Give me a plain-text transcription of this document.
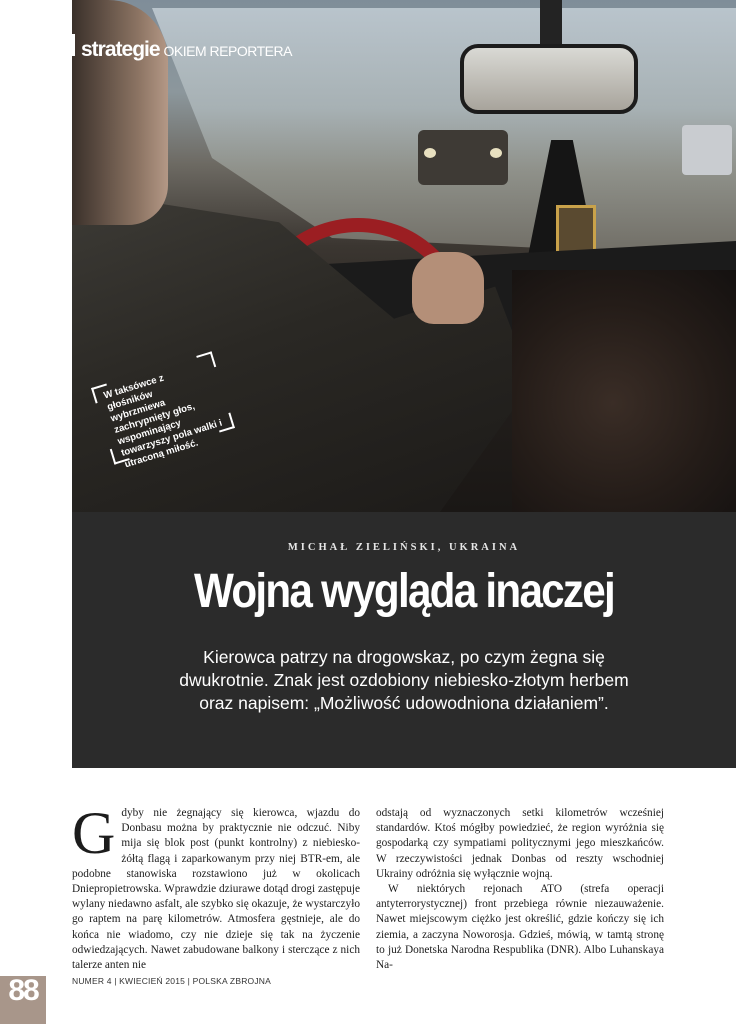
strategie OKIEM REPORTERA
W taksówce z głośników wybrzmiewa zachrypnięty głos, wspominający towarzyszy pola walki i utraconą miłość.
MICHAŁ ZIELIŃSKI, UKRAINA
Wojna wygląda inaczej
Kierowca patrzy na drogowskaz, po czym żegna się dwukrotnie. Znak jest ozdobiony niebiesko-złotym herbem oraz napisem: „Możliwość udowodniona działaniem”.
G dyby nie żegnający się kierowca, wjazdu do Donbasu można by praktycznie nie odczuć. Niby mija się blok post (punkt kontrolny) z niebiesko-żółtą flagą i zaparkowanym przy niej BTR-em, ale podobne stanowiska rozstawiono już w okolicach Dniepropietrowska. Wprawdzie dziurawe dotąd drogi zastępuje wylany niedawno asfalt, ale szybko się okazuje, że wystarczyło go raptem na parę kilometrów. Atmosfera gęstnieje, ale do końca nie wiadomo, czy nie dzieje się tak na życzenie odwiedzających. Nawet zabudowane balkony i sterczące z nich talerze anten nie

odstają od wyznaczonych setki kilometrów wcześniej standardów. Ktoś mógłby powiedzieć, że region wyróżnia się gospodarką czy sympatiami politycznymi jego mieszkańców. W rzeczywistości jednak Donbas od reszty wschodniej Ukrainy odróżnia się wyłącznie wojną.

W niektórych rejonach ATO (strefa operacji antyterrorystycznej) front przebiega równie niezauważenie. Nawet miejscowym ciężko jest określić, gdzie kończy się ich ziemia, a zaczyna Noworosja. Gdzieś, mówią, w tamtą stronę to już Donetska Narodna Respublika (DNR). Albo Luhanskaya Na-

88	NUMER 4 | KWIECIEŃ 2015 | POLSKA ZBROJNA
